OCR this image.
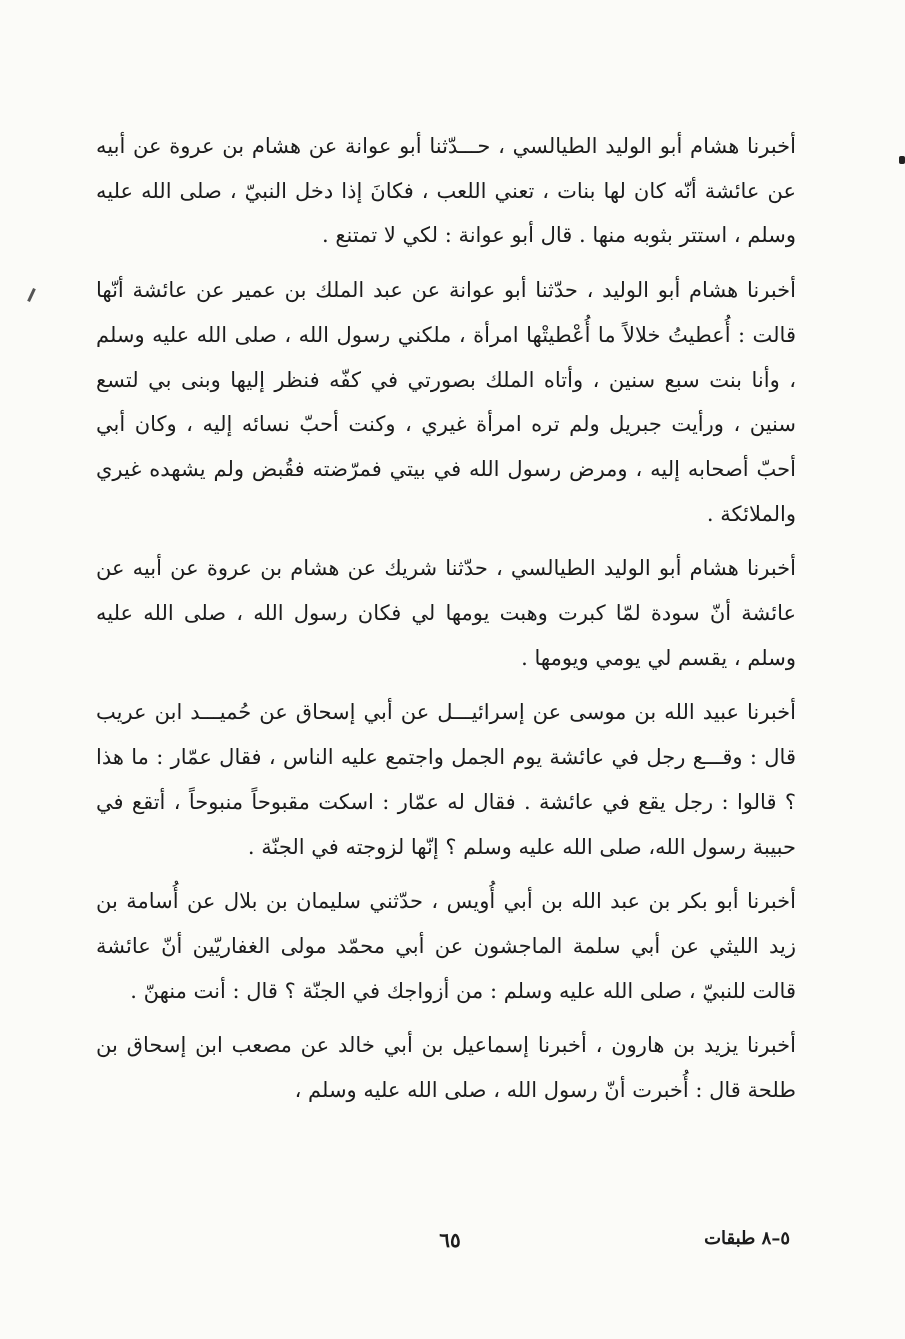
أخبرنا هشام أبو الوليد الطيالسي ، حـــدّثنا أبو عوانة عن هشام بن عروة عن أبيه عن عائشة أنّه كان لها بنات ، تعني اللعب ، فكانَ إذا دخل النبيّ ، صلى الله عليه وسلم ، استتر بثوبه منها . قال أبو عوانة : لكي لا تمتنع .

أخبرنا هشام أبو الوليد ، حدّثنا أبو عوانة عن عبد الملك بن عمير عن عائشة أنّها قالت : أُعطيتُ خلالاً ما أُعْطيتْها امرأة ، ملكني رسول الله ، صلى الله عليه وسلم ، وأنا بنت سبع سنين ، وأتاه الملك بصورتي في كفّه فنظر إليها وبنى بي لتسع سنين ، ورأيت جبريل ولم تره امرأة غيري ، وكنت أحبّ نسائه إليه ، وكان أبي أحبّ أصحابه إليه ، ومرض رسول الله في بيتي فمرّضته فقُبض ولم يشهده غيري والملائكة .

أخبرنا هشام أبو الوليد الطيالسي ، حدّثنا شريك عن هشام بن عروة عن أبيه عن عائشة أنّ سودة لمّا كبرت وهبت يومها لي فكان رسول الله ، صلى الله عليه وسلم ، يقسم لي يومي ويومها .

أخبرنا عبيد الله بن موسى عن إسرائيـــل عن أبي إسحاق عن حُميـــد ابن عريب قال : وقـــع رجل في عائشة يوم الجمل واجتمع عليه الناس ، فقال عمّار : ما هذا ؟ قالوا : رجل يقع في عائشة . فقال له عمّار : اسكت مقبوحاً منبوحاً ، أتقع في حبيبة رسول الله، صلى الله عليه وسلم ؟ إنّها لزوجته في الجنّة .

أخبرنا أبو بكر بن عبد الله بن أبي أُويس ، حدّثني سليمان بن بلال عن أُسامة بن زيد الليثي عن أبي سلمة الماجشون عن أبي محمّد مولى الغفاريّين أنّ عائشة قالت للنبيّ ، صلى الله عليه وسلم : من أزواجك في الجنّة ؟ قال : أنت منهنّ .

أخبرنا يزيد بن هارون ، أخبرنا إسماعيل بن أبي خالد عن مصعب ابن إسحاق بن طلحة قال : أُخبرت أنّ رسول الله ، صلى الله عليه وسلم ،

٦٥	٥–٨ طبقات
